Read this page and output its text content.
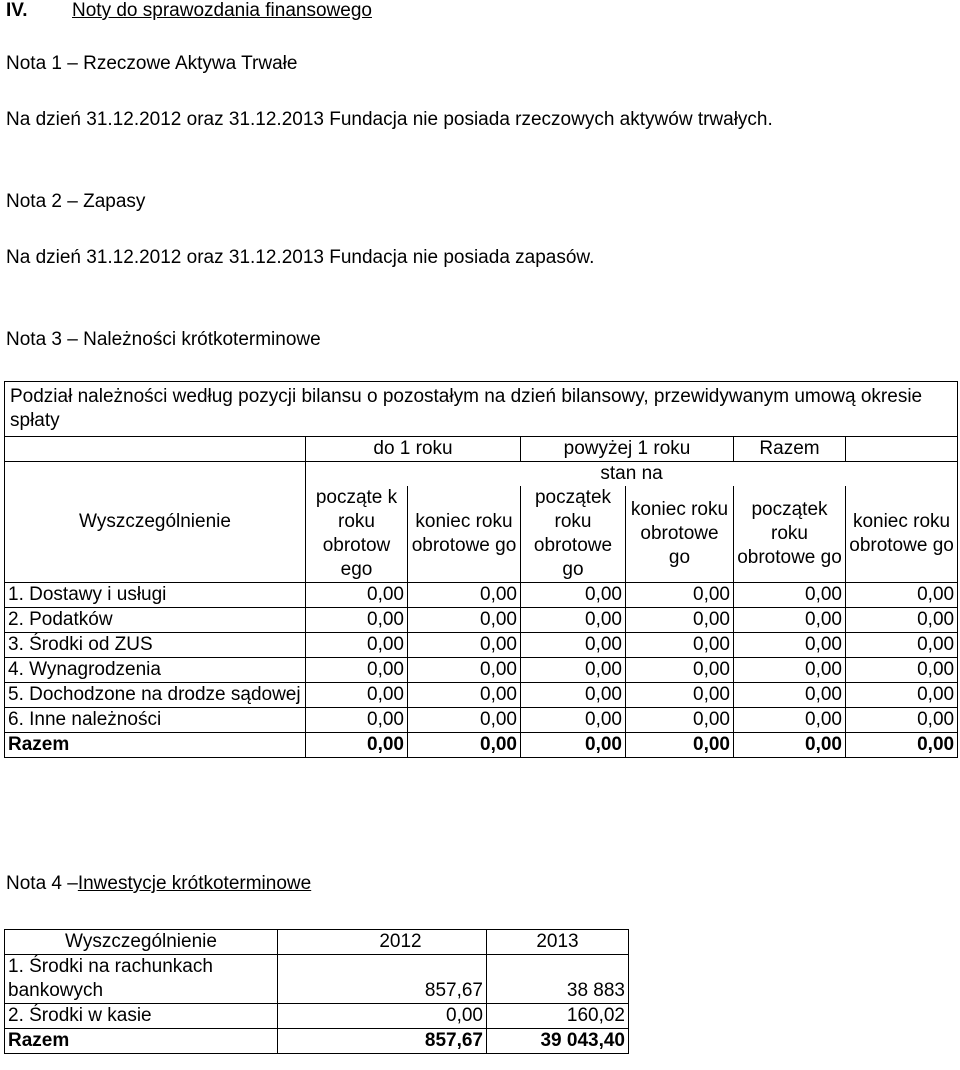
IV. Noty do sprawozdania finansowego
Nota 1 – Rzeczowe Aktywa Trwałe
Na dzień 31.12.2012 oraz 31.12.2013 Fundacja nie posiada rzeczowych aktywów trwałych.
Nota 2 – Zapasy
Na dzień 31.12.2012 oraz 31.12.2013 Fundacja nie posiada zapasów.
Nota 3 – Należności krótkoterminowe
Podział należności według pozycji bilansu o pozostałym na dzień bilansowy, przewidywanym umową okresie spłaty						
	do 1 roku		powyżej 1 roku		Razem	
Wyszczególnienie	stan na					
	począte k roku obrotow ego	koniec roku obrotowe go	początek roku obrotowe go	koniec roku obrotowe go	początek roku obrotowe go	koniec roku obrotowe go
1. Dostawy i usługi	0,00	0,00	0,00	0,00	0,00	0,00
2. Podatków	0,00	0,00	0,00	0,00	0,00	0,00
3. Środki od ZUS	0,00	0,00	0,00	0,00	0,00	0,00
4. Wynagrodzenia	0,00	0,00	0,00	0,00	0,00	0,00
5. Dochodzone na drodze sądowej	0,00	0,00	0,00	0,00	0,00	0,00
6. Inne należności	0,00	0,00	0,00	0,00	0,00	0,00
Razem	0,00	0,00	0,00	0,00	0,00	0,00
Nota 4 –Inwestycje krótkoterminowe
Wyszczególnienie	2012	2013
1. Środki na rachunkach bankowych	857,67	38 883
2. Środki w kasie	0,00	160,02
Razem	857,67	39 043,40
